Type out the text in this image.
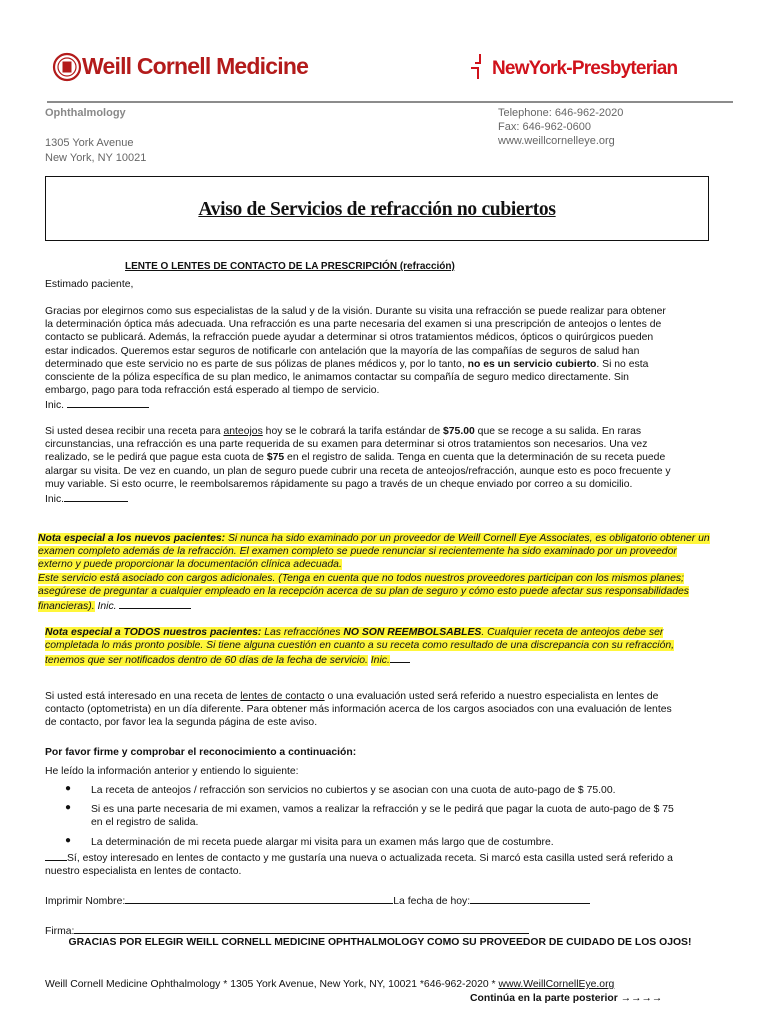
Weill Cornell Medicine	NewYork-Presbyterian
Ophthalmology
1305 York Avenue
New York, NY 10021
Telephone: 646-962-2020
Fax: 646-962-0600
www.weillcornelleye.org
Aviso de Servicios de refracción no cubiertos
LENTE O LENTES DE CONTACTO DE LA PRESCRIPCIÓN (refracción)
Estimado paciente,
Gracias por elegirnos como sus especialistas de la salud y de la visión. Durante su visita una refracción se puede realizar para obtener la determinación óptica más adecuada. Una refracción es una parte necesaria del examen si una prescripción de anteojos o lentes de contacto se publicará. Además, la refracción puede ayudar a determinar si otros tratamientos médicos, ópticos o quirúrgicos pueden estar indicados. Queremos estar seguros de notificarle con antelación que la mayoría de las compañías de seguros de salud han determinado que este servicio no es parte de sus pólizas de planes médicos y, por lo tanto, no es un servicio cubierto. Si no esta consciente de la póliza específica de su plan medico, le animamos contactar su compañía de seguro medico directamente. Sin embargo, pago para toda refracción está esperado al tiempo de servicio.
Inic.
Si usted desea recibir una receta para anteojos hoy se le cobrará la tarifa estándar de $75.00 que se recoge a su salida. En raras circunstancias, una refracción es una parte requerida de su examen para determinar si otros tratamientos son necesarios. Una vez realizado, se le pedirá que pague esta cuota de $75 en el registro de salida. Tenga en cuenta que la determinación de su receta puede alargar su visita. De vez en cuando, un plan de seguro puede cubrir una receta de anteojos/refracción, aunque esto es poco frecuente y muy variable. Si esto ocurre, le reembolsaremos rápidamente su pago a través de un cheque enviado por correo a su domicilio.
Inic.
Nota especial a los nuevos pacientes: Si nunca ha sido examinado por un proveedor de Weill Cornell Eye Associates, es obligatorio obtener un examen completo además de la refracción. El examen completo se puede renunciar si recientemente ha sido examinado por un proveedor externo y puede proporcionar la documentación clínica adecuada.
Este servicio está asociado con cargos adicionales. (Tenga en cuenta que no todos nuestros proveedores participan con los mismos planes; asegúrese de preguntar a cualquier empleado en la recepción acerca de su plan de seguro y cómo esto puede afectar sus responsabilidades financieras). Inic.
Nota especial a TODOS nuestros pacientes: Las refracciónes NO SON REEMBOLSABLES. Cualquier receta de anteojos debe ser completada lo más pronto posible. Si tiene alguna cuestión en cuanto a su receta como resultado de una discrepancia con su refracción, tenemos que ser notificados dentro de 60 días de la fecha de servicio. Inic.
Si usted está interesado en una receta de lentes de contacto o una evaluación usted será referido a nuestro especialista en lentes de contacto (optometrista) en un día diferente. Para obtener más información acerca de los cargos asociados con una evaluación de lentes de contacto, por favor lea la segunda página de este aviso.
Por favor firme y comprobar el reconocimiento a continuación:
He leído la información anterior y entiendo lo siguiente:
● La receta de anteojos / refracción son servicios no cubiertos y se asocian con una cuota de auto-pago de $ 75.00.
● Si es una parte necesaria de mi examen, vamos a realizar la refracción y se le pedirá que pagar la cuota de auto-pago de $ 75 en el registro de salida.
● La determinación de mi receta puede alargar mi visita para un examen más largo que de costumbre.
Sí, estoy interesado en lentes de contacto y me gustaría una nueva o actualizada receta. Si marcó esta casilla usted será referido a nuestro especialista en lentes de contacto.
Imprimir Nombre:	La fecha de hoy:
Firma:
GRACIAS POR ELEGIR WEILL CORNELL MEDICINE OPHTHALMOLOGY COMO SU PROVEEDOR DE CUIDADO DE LOS OJOS!
Weill Cornell Medicine Ophthalmology * 1305 York Avenue, New York, NY, 10021 *646-962-2020 * www.WeillCornellEye.org
Continúa en la parte posterior →→→→
